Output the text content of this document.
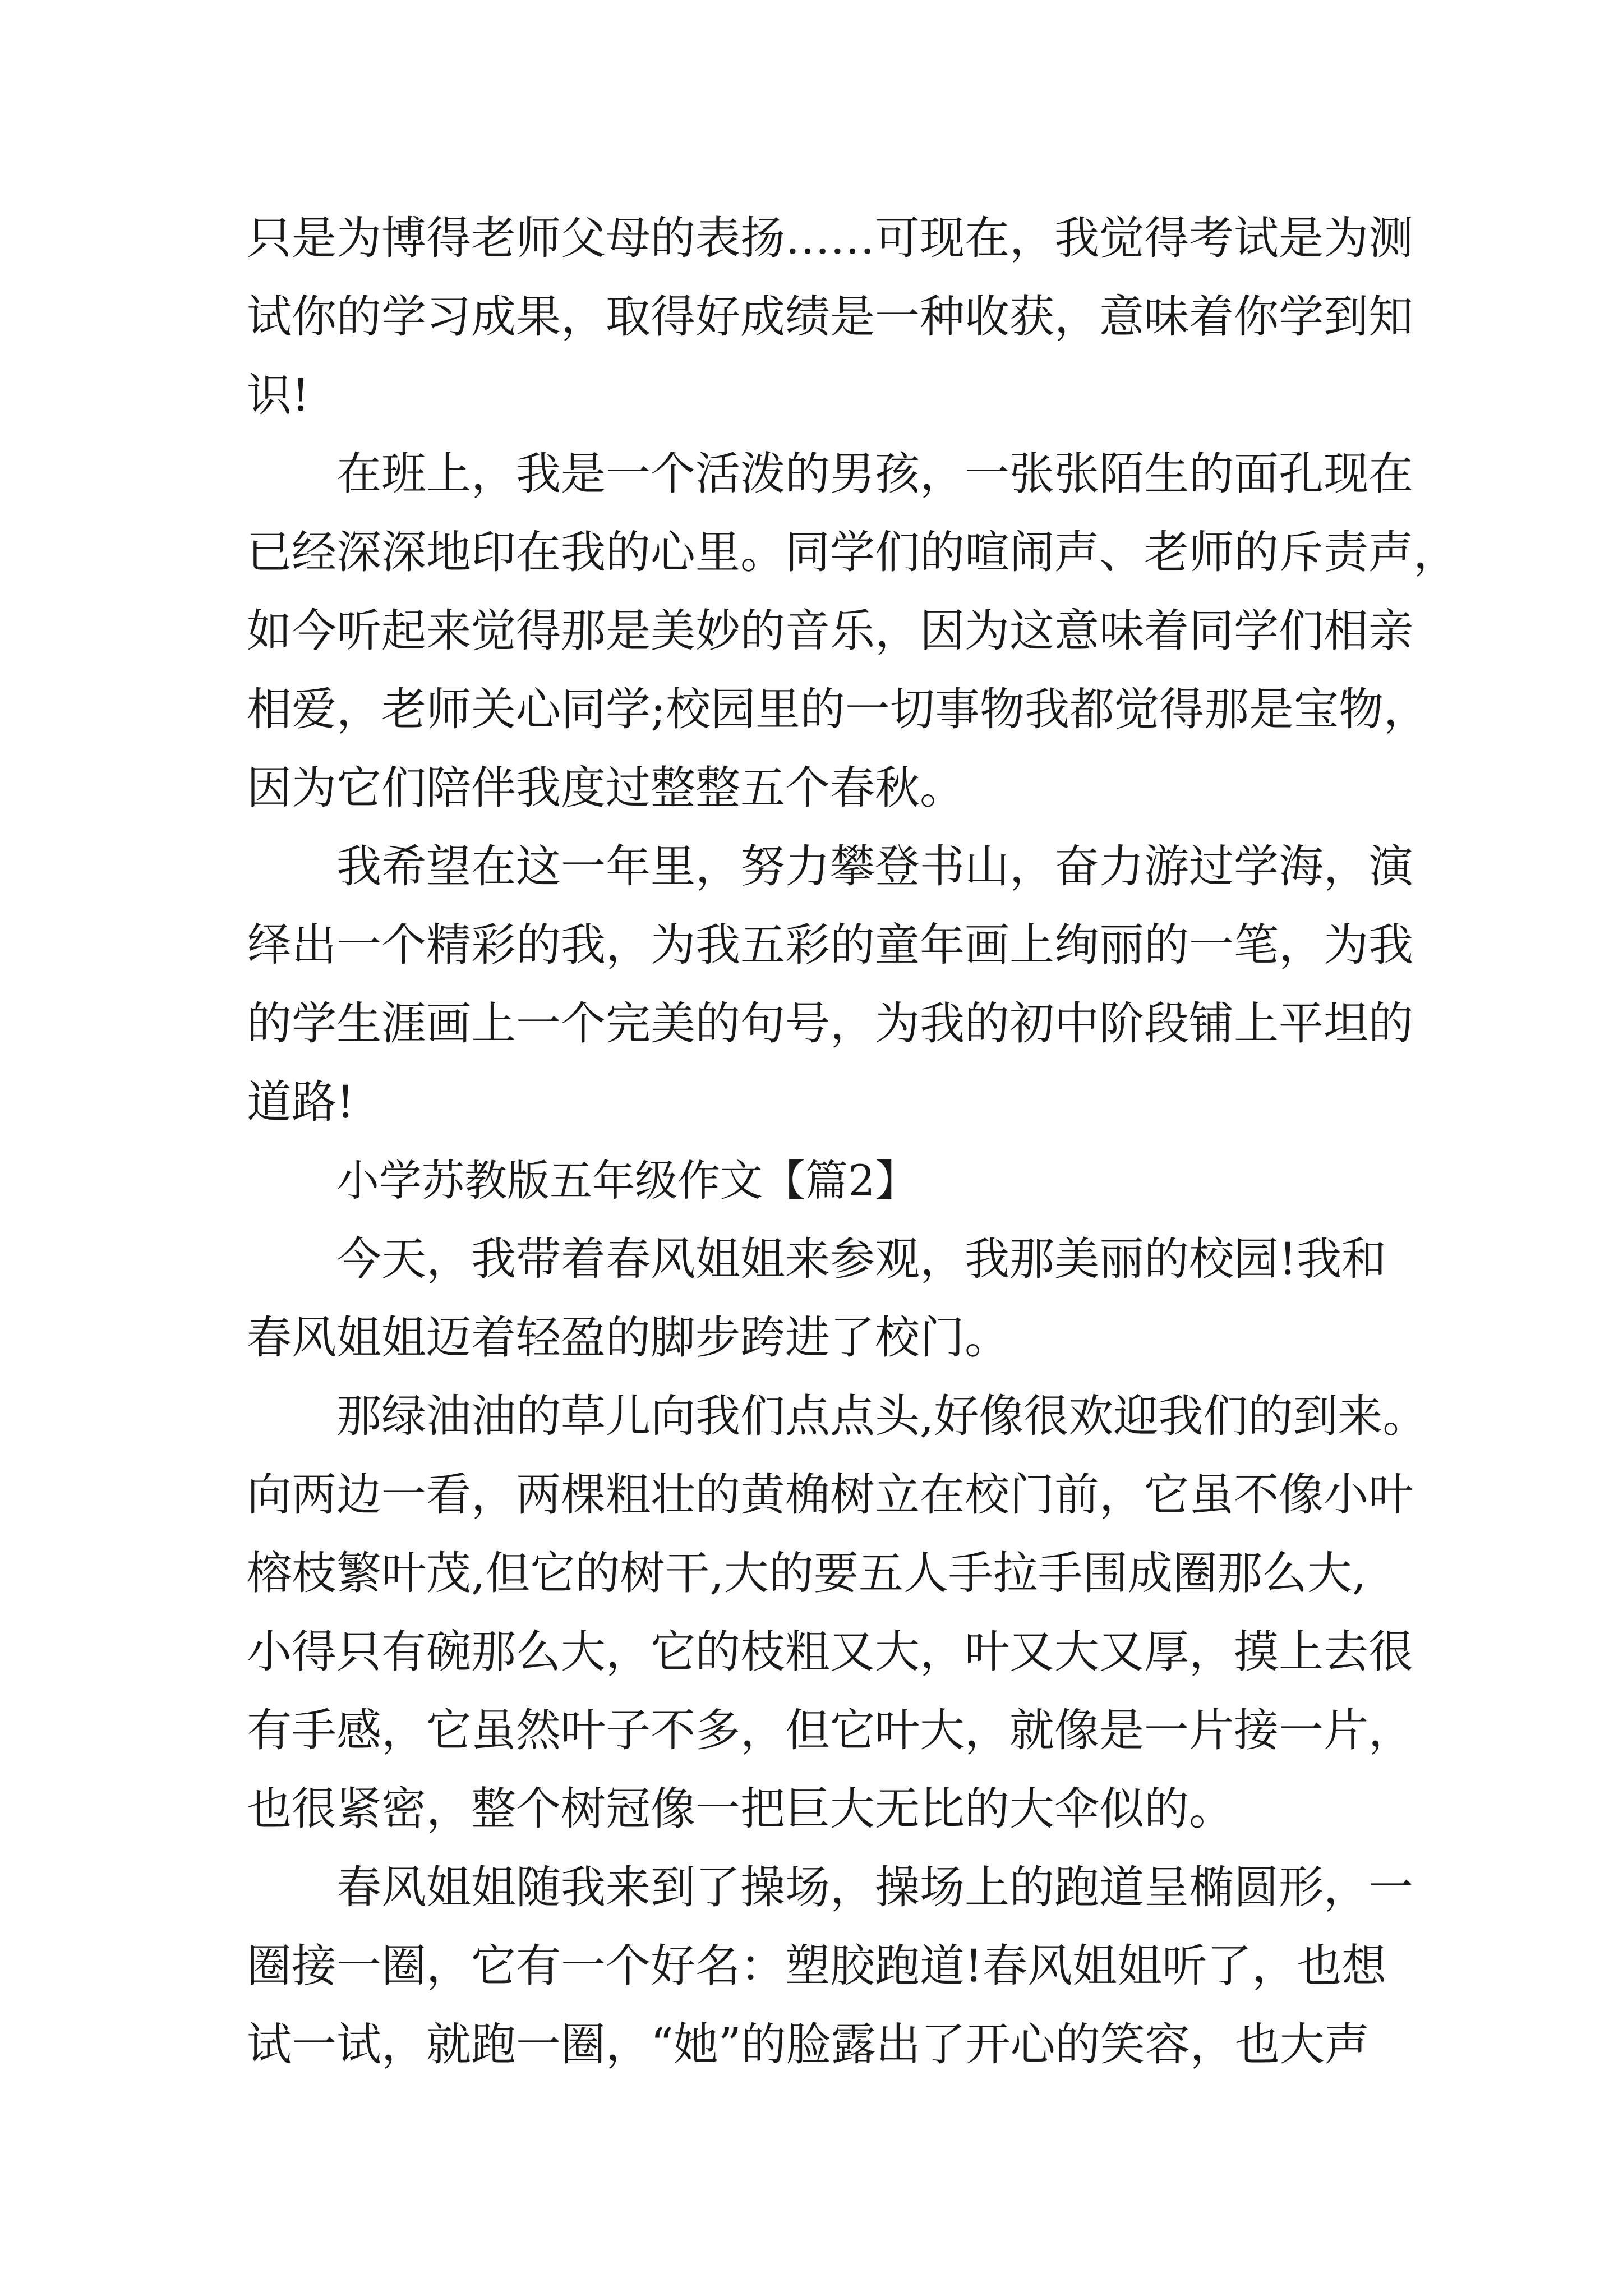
只是为博得老师父母的表扬……可现在，我觉得考试是为测
试你的学习成果，取得好成绩是一种收获，意味着你学到知
识!
在班上，我是一个活泼的男孩，一张张陌生的面孔现在
已经深深地印在我的心里。同学们的喧闹声、老师的斥责声，
如今听起来觉得那是美妙的音乐，因为这意味着同学们相亲
相爱，老师关心同学;校园里的一切事物我都觉得那是宝物，
因为它们陪伴我度过整整五个春秋。
我希望在这一年里，努力攀登书山，奋力游过学海，演
绎出一个精彩的我，为我五彩的童年画上绚丽的一笔，为我
的学生涯画上一个完美的句号，为我的初中阶段铺上平坦的
道路!
小学苏教版五年级作文【篇2】
今天，我带着春风姐姐来参观，我那美丽的校园!我和
春风姐姐迈着轻盈的脚步跨进了校门。
那绿油油的草儿向我们点点头,好像很欢迎我们的到来。
向两边一看，两棵粗壮的黄桷树立在校门前，它虽不像小叶
榕枝繁叶茂,但它的树干,大的要五人手拉手围成圈那么大,
小得只有碗那么大，它的枝粗又大，叶又大又厚，摸上去很
有手感，它虽然叶子不多，但它叶大，就像是一片接一片，
也很紧密，整个树冠像一把巨大无比的大伞似的。
春风姐姐随我来到了操场，操场上的跑道呈椭圆形，一
圈接一圈，它有一个好名：塑胶跑道!春风姐姐听了，也想
试一试，就跑一圈，“她”的脸露出了开心的笑容，也大声
